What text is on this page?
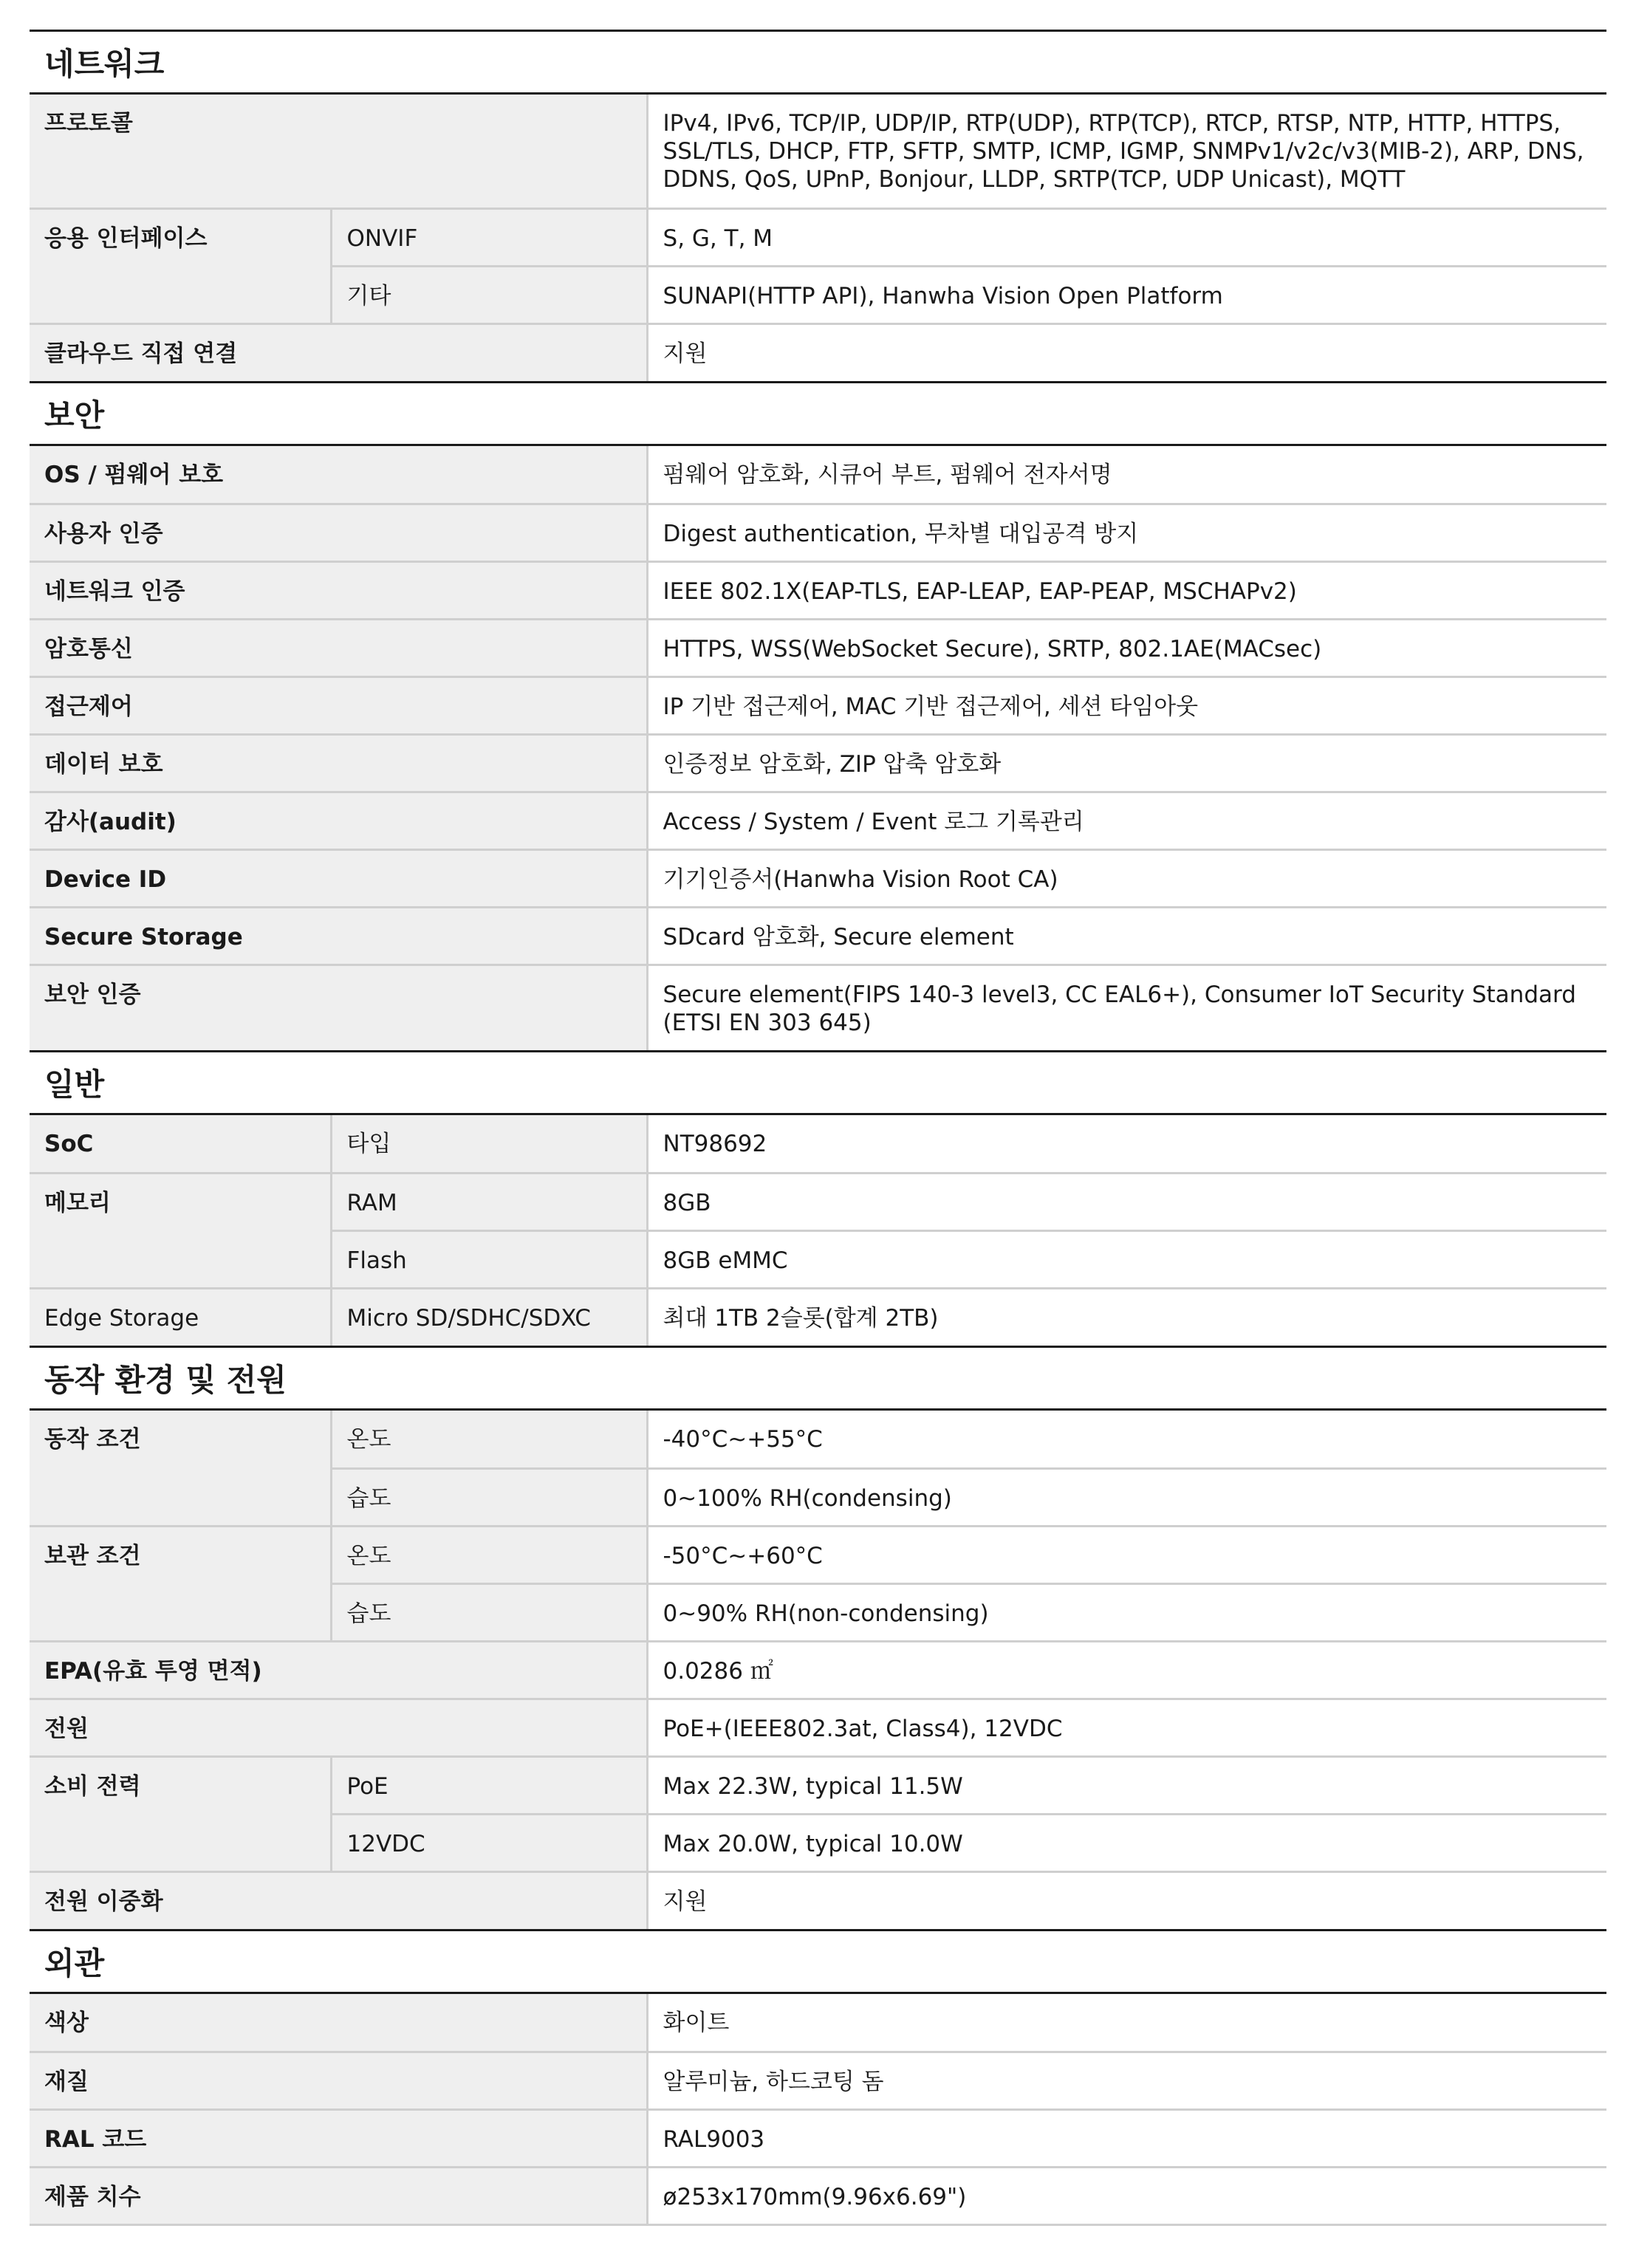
네트워크
프로토콜		IPv4, IPv6, TCP/IP, UDP/IP, RTP(UDP), RTP(TCP), RTCP, RTSP, NTP, HTTP, HTTPS, SSL/TLS, DHCP, FTP, SFTP, SMTP, ICMP, IGMP, SNMPv1/v2c/v3(MIB-2), ARP, DNS, DDNS, QoS, UPnP, Bonjour, LLDP, SRTP(TCP, UDP Unicast), MQTT
응용 인터페이스	ONVIF	S, G, T, M
	기타	SUNAPI(HTTP API), Hanwha Vision Open Platform
클라우드 직접 연결		지원
보안
OS / 펌웨어 보호	펌웨어 암호화, 시큐어 부트, 펌웨어 전자서명
사용자 인증	Digest authentication, 무차별 대입공격 방지
네트워크 인증	IEEE 802.1X(EAP-TLS, EAP-LEAP, EAP-PEAP, MSCHAPv2)
암호통신	HTTPS, WSS(WebSocket Secure), SRTP, 802.1AE(MACsec)
접근제어	IP 기반 접근제어, MAC 기반 접근제어, 세션 타임아웃
데이터 보호	인증정보 암호화, ZIP 압축 암호화
감사(audit)	Access / System / Event 로그 기록관리
Device ID	기기인증서(Hanwha Vision Root CA)
Secure Storage	SDcard 암호화, Secure element
보안 인증	Secure element(FIPS 140-3 level3, CC EAL6+), Consumer IoT Security Standard (ETSI EN 303 645)
일반
SoC	타입	NT98692
메모리	RAM	8GB
	Flash	8GB eMMC
Edge Storage	Micro SD/SDHC/SDXC	최대 1TB 2슬롯(합계 2TB)
동작 환경 및 전원
동작 조건	온도	-40°C~+55°C
	습도	0~100% RH(condensing)
보관 조건	온도	-50°C~+60°C
	습도	0~90% RH(non-condensing)
EPA(유효 투영 면적)		0.0286 ㎡
전원		PoE+(IEEE802.3at, Class4), 12VDC
소비 전력	PoE	Max 22.3W, typical 11.5W
	12VDC	Max 20.0W, typical 10.0W
전원 이중화		지원
외관
색상	화이트
재질	알루미늄, 하드코팅 돔
RAL 코드	RAL9003
제품 치수	ø253x170mm(9.96x6.69")
